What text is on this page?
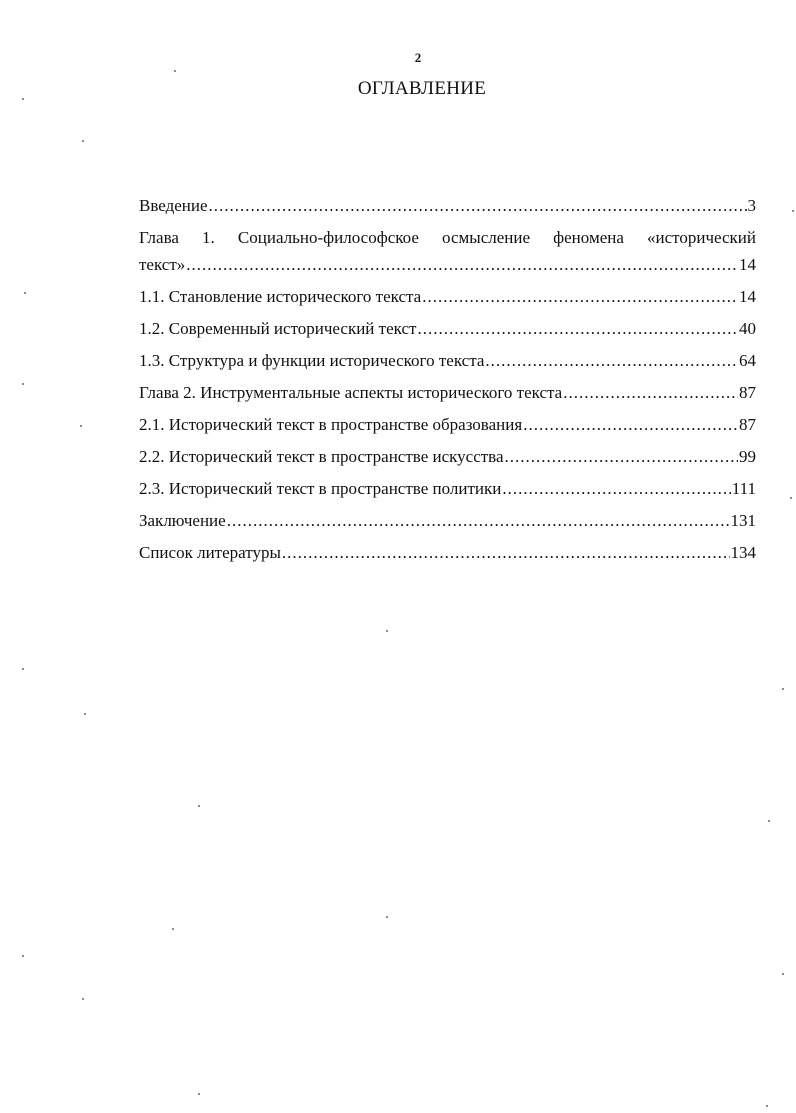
2
ОГЛАВЛЕНИЕ
Введение .....	3
Глава 1. Социально-философское осмысление феномена «исторический
текст» .....	14
1.1. Становление исторического текста .....	14
1.2. Современный исторический текст .....	40
1.3. Структура и функции исторического текста .....	64
Глава 2. Инструментальные аспекты исторического текста .....	87
2.1. Исторический текст в пространстве образования .....	87
2.2. Исторический текст в пространстве искусства .....	99
2.3. Исторический текст в пространстве политики .....	111
Заключение .....	131
Список литературы .....	134
